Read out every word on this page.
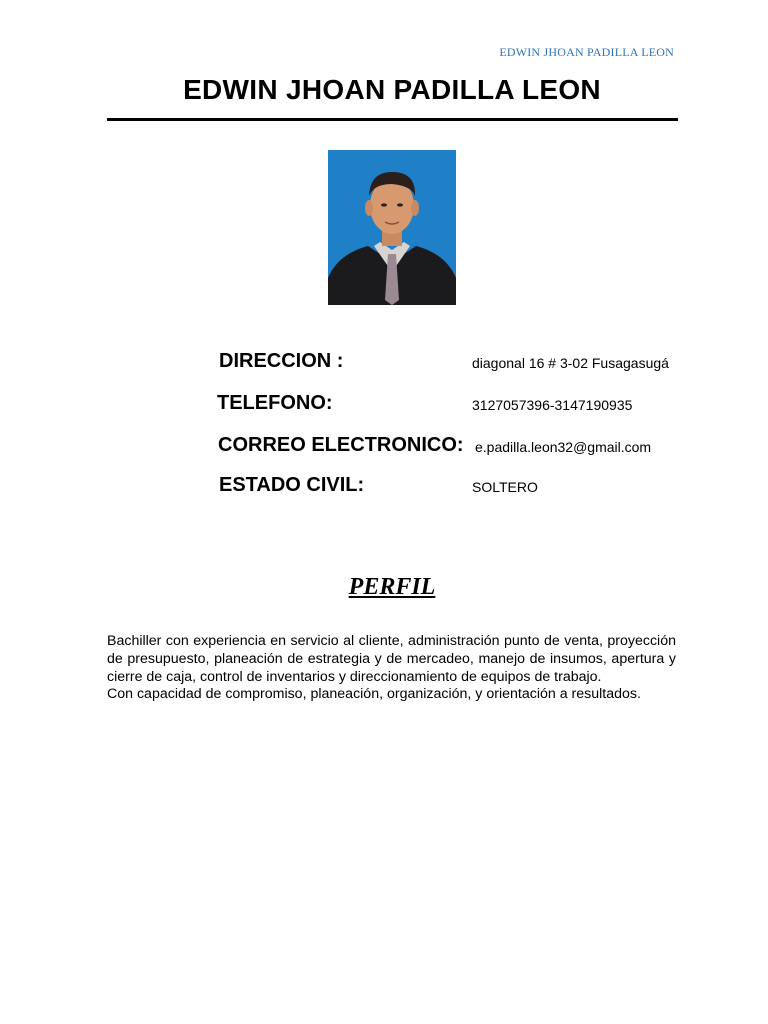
EDWIN JHOAN PADILLA LEON
EDWIN JHOAN PADILLA LEON
DIRECCION :	diagonal 16 # 3-02 Fusagasugá
TELEFONO:	3127057396-3147190935
CORREO ELECTRONICO: e.padilla.leon32@gmail.com
ESTADO CIVIL:	SOLTERO
PERFIL

Bachiller con experiencia en servicio al cliente, administración punto de venta, proyección de presupuesto, planeación de estrategia y de mercadeo, manejo de insumos, apertura y cierre de caja, control de inventarios y direccionamiento de equipos de trabajo.

Con capacidad de compromiso, planeación, organización, y orientación a resultados.
